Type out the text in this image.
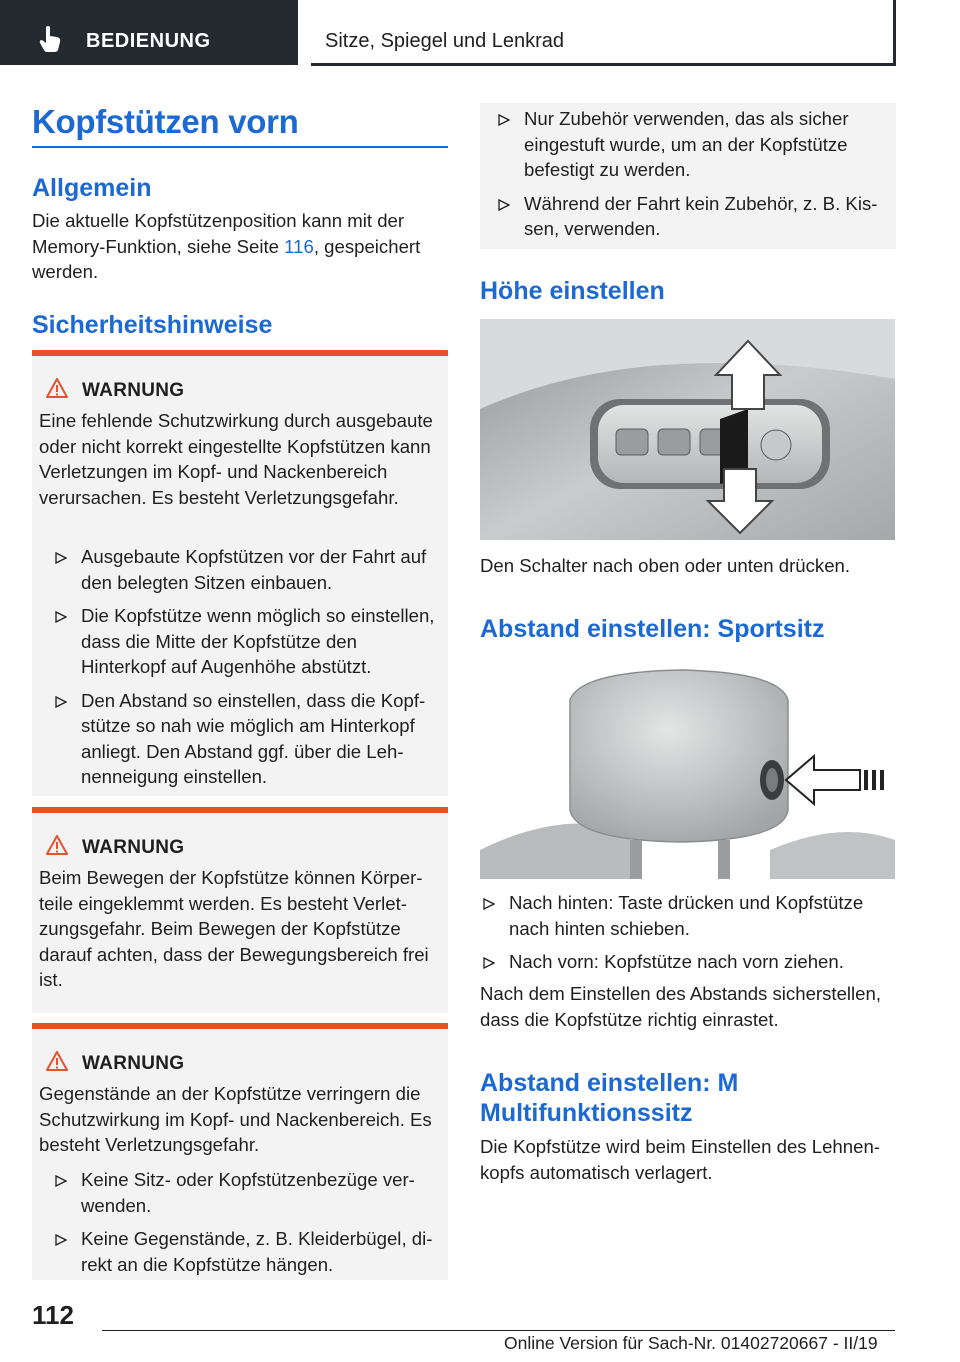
BEDIENUNG	Sitze, Spiegel und Lenkrad
Kopfstützen vorn
Allgemein

Die aktuelle Kopfstützenposition kann mit der Memory-Funktion, siehe Seite 116, gespeichert werden.

Sicherheitshinweise
WARNUNG

Eine fehlende Schutzwirkung durch ausgebaute oder nicht korrekt eingestellte Kopfstützen kann Verletzungen im Kopf- und Nackenbereich verursachen. Es besteht Verletzungsgefahr.

Ausgebaute Kopfstützen vor der Fahrt auf den belegten Sitzen einbauen.
Die Kopfstütze wenn möglich so einstellen, dass die Mitte der Kopfstütze den Hinterkopf auf Augenhöhe abstützt.
Den Abstand so einstellen, dass die Kopfstütze so nah wie möglich am Hinterkopf anliegt. Den Abstand ggf. über die Lehnenneigung einstellen.
WARNUNG

Beim Bewegen der Kopfstütze können Körperteile eingeklemmt werden. Es besteht Verletzungsgefahr. Beim Bewegen der Kopfstütze darauf achten, dass der Bewegungsbereich frei ist.

WARNUNG

Gegenstände an der Kopfstütze verringern die Schutzwirkung im Kopf- und Nackenbereich. Es besteht Verletzungsgefahr.

Keine Sitz- oder Kopfstützenbezüge verwenden.
Keine Gegenstände, z. B. Kleiderbügel, direkt an die Kopfstütze hängen.
Nur Zubehör verwenden, das als sicher eingestuft wurde, um an der Kopfstütze befestigt zu werden.
Während der Fahrt kein Zubehör, z. B. Kissen, verwenden.
Höhe einstellen

Den Schalter nach oben oder unten drücken.

Abstand einstellen: Sportsitz
Nach hinten: Taste drücken und Kopfstütze nach hinten schieben.
Nach vorn: Kopfstütze nach vorn ziehen.

Nach dem Einstellen des Abstands sicherstellen, dass die Kopfstütze richtig einrastet.

Abstand einstellen: M Multifunktionssitz

Die Kopfstütze wird beim Einstellen des Lehnenkopfs automatisch verlagert.

112
Online Version für Sach-Nr. 01402720667 - II/19
